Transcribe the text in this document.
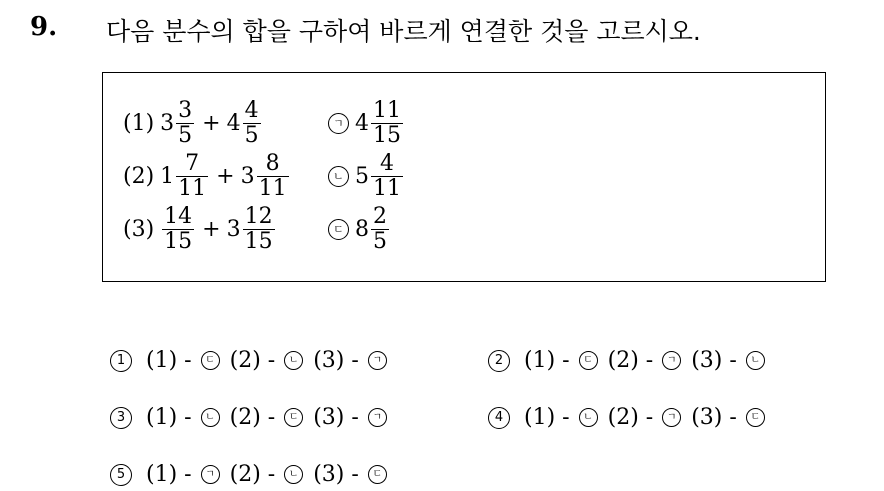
9. 다음 분수의 합을 구하여 바르게 연결한 것을 고르시오.
(1) $3 \frac{3}{5} + 4 \frac{4}{5}$	ㄱ $4 \frac{11}{15}$
(2) $1 \frac{7}{11} + 3 \frac{8}{11}$	ㄴ $5 \frac{4}{11}$
$(3) \frac{14}{15} + 3 \frac{12}{15}$	ㄷ $8 \frac{2}{5}$
1 (1)
-
	ㄷ (2)
-
	ㄴ (3)
-
	ㄱ	2 (1)
-
	ㄷ (2)
-
	ㄱ (3)
-
	ㄴ
3 (1)
-
	ㄴ (2)
-
	ㄷ (3)
-
	ㄱ	4 (1)
-
	ㄴ (2)
-
	ㄱ (3)
-
	ㄷ
5 (1)
-
	ㄱ (2)
-
	ㄴ (3)
-
	ㄷ
